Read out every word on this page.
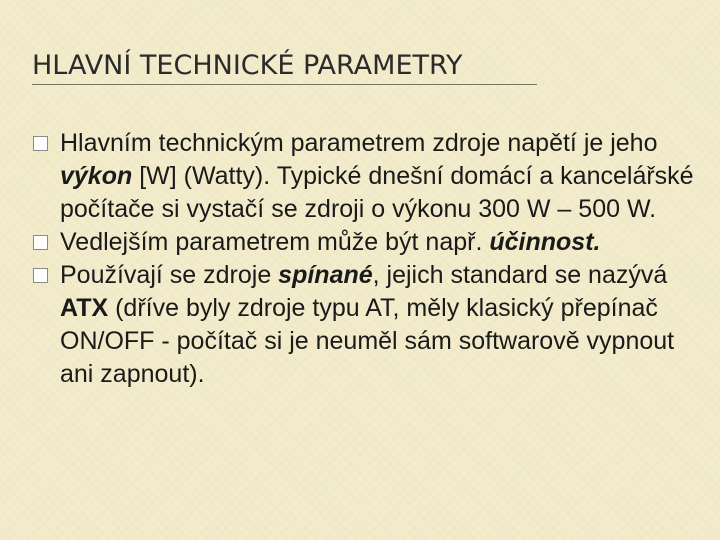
HLAVNÍ TECHNICKÉ PARAMETRY
Hlavním technickým parametrem zdroje napětí je jeho výkon [W] (Watty). Typické dnešní domácí a kancelářské počítače si vystačí se zdroji o výkonu 300 W – 500 W.
Vedlejším parametrem může být např. účinnost.
Používají se zdroje spínané, jejich standard se nazývá ATX (dříve byly zdroje typu AT, měly klasický přepínač ON/OFF - počítač si je neuměl sám softwarově vypnout ani zapnout).
